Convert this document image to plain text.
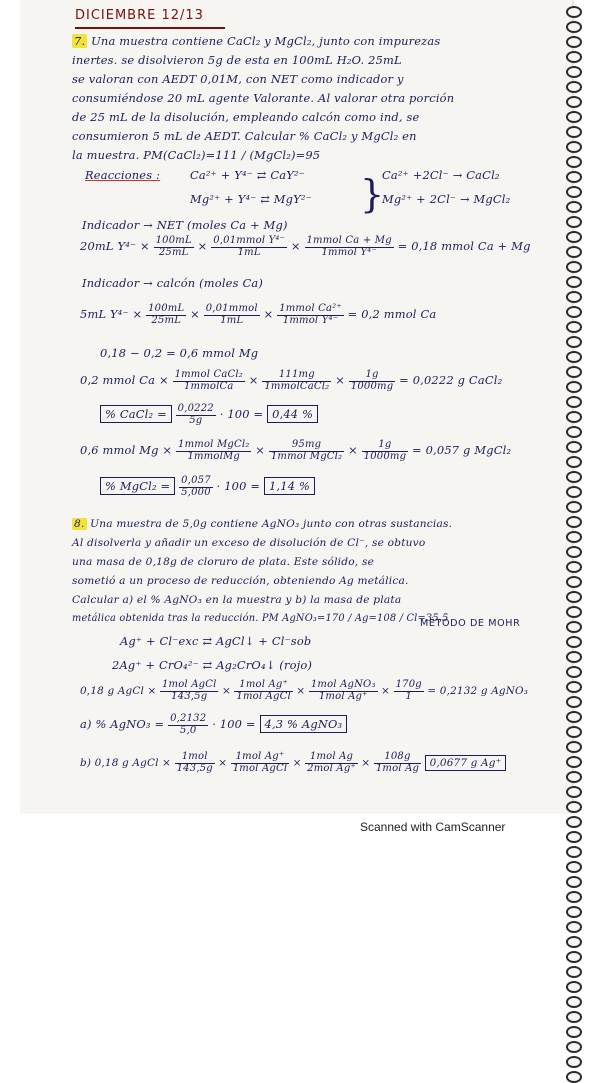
DICIEMBRE 12/13
7. Una muestra contiene CaCl₂ y MgCl₂, junto con impurezas
inertes. se disolvieron 5g de esta en 100mL H₂O. 25mL
se valoran con AEDT 0,01M, con NET como indicador y
consumiéndose 20 mL agente Valorante. Al valorar otra porción
de 25 mL de la disolución, empleando calcón como ind, se
consumieron 5 mL de AEDT. Calcular % CaCl₂ y MgCl₂ en
la muestra. PM(CaCl₂)=111 / (MgCl₂)=95
Reacciones :	Ca²⁺ + Y⁴⁻ ⇄ CaY²⁻
Mg²⁺ + Y⁴⁻ ⇄ MgY²⁻ }
Ca²⁺ +2Cl⁻ → CaCl₂
Mg²⁺ + 2Cl⁻ → MgCl₂
Indicador → NET (moles Ca + Mg)
20mL $Y^{4-} \times \frac{100mL}{25mL} \times \frac{\text{0,01mmol Y⁴⁻}}{1mL} \times \frac{\text{1mmol Ca + Mg}}{\text{1mmol Y⁴⁻}} = 0,18$ mmol Ca + Mg
Indicador → calcón (moles Ca)
5mL $Y^{4-} \times \frac{100mL}{25mL} \times \frac{\text{0,01mmol}}{1mL} \times \frac{\text{1mmol Ca²⁺}}{\text{1mmol Y⁴⁻}} = 0,2$ mmol Ca
0,18 − 0,2 = 0,6 mmol Mg
0,2 mmol $Ca \times \frac{\text{1mmol CaCl₂}}{\text{1mmolCa}} \times \frac{111mg}{\text{1mmolCaCl₂}} \times \frac{1g}{1000mg} = 0,0222$ g CaCl₂
% CaCl₂ = $\frac{0,0222}{5g} \cdot 100 = 0,44$ %
0,6 mmol $Mg \times \frac{\text{1mmol MgCl₂}}{\text{1mmolMg}} \times \frac{95mg}{\text{1mmol MgCl₂}} \times \frac{1g}{1000mg} = 0,057$ g MgCl₂
% MgCl₂ = $\frac{0,057}{5,000} \cdot 100 = 1,14$ %
8. Una muestra de 5,0g contiene AgNO₃ junto con otras sustancias.
Al disolverla y añadir un exceso de disolución de Cl⁻, se obtuvo
una masa de 0,18g de cloruro de plata. Este sólido, se
sometió a un proceso de reducción, obteniendo Ag metálica.
Calcular a) el % AgNO₃ en la muestra y b) la masa de plata
metálica obtenida tras la reducción. PM AgNO₃=170 / Ag=108 / Cl=35,5
Ag⁺ + Cl⁻exc ⇄ AgCl↓ + Cl⁻sob
MÉTODO DE MOHR
2Ag⁺ + CrO₄²⁻ ⇄ Ag₂CrO₄↓ (rojo)
0,18 g AgCl × $\frac{\text{1mol AgCl}}{143,5g} \times \frac{\text{1mol Ag⁺}}{\text{1mol AgCl}} \times \frac{\text{1mol AgNO₃}}{\text{1mol Ag⁺}} \times \frac{170g}{1} = 0,2132$ g AgNO₃
a) % AgNO₃ = $\frac{0,2132}{5,0} \cdot 100 = 4,3$ % AgNO₃
b) 0,18 g AgCl × $\frac{\text{1mol}}{143,5g} \times \frac{\text{1mol Ag⁺}}{\text{1mol AgCl}} \times \frac{\text{1mol Ag}}{\text{2mol Ag⁺}} \times \frac{108g}{\text{1mol Ag}} 0,0677$ g Ag⁺
Scanned with CamScanner
